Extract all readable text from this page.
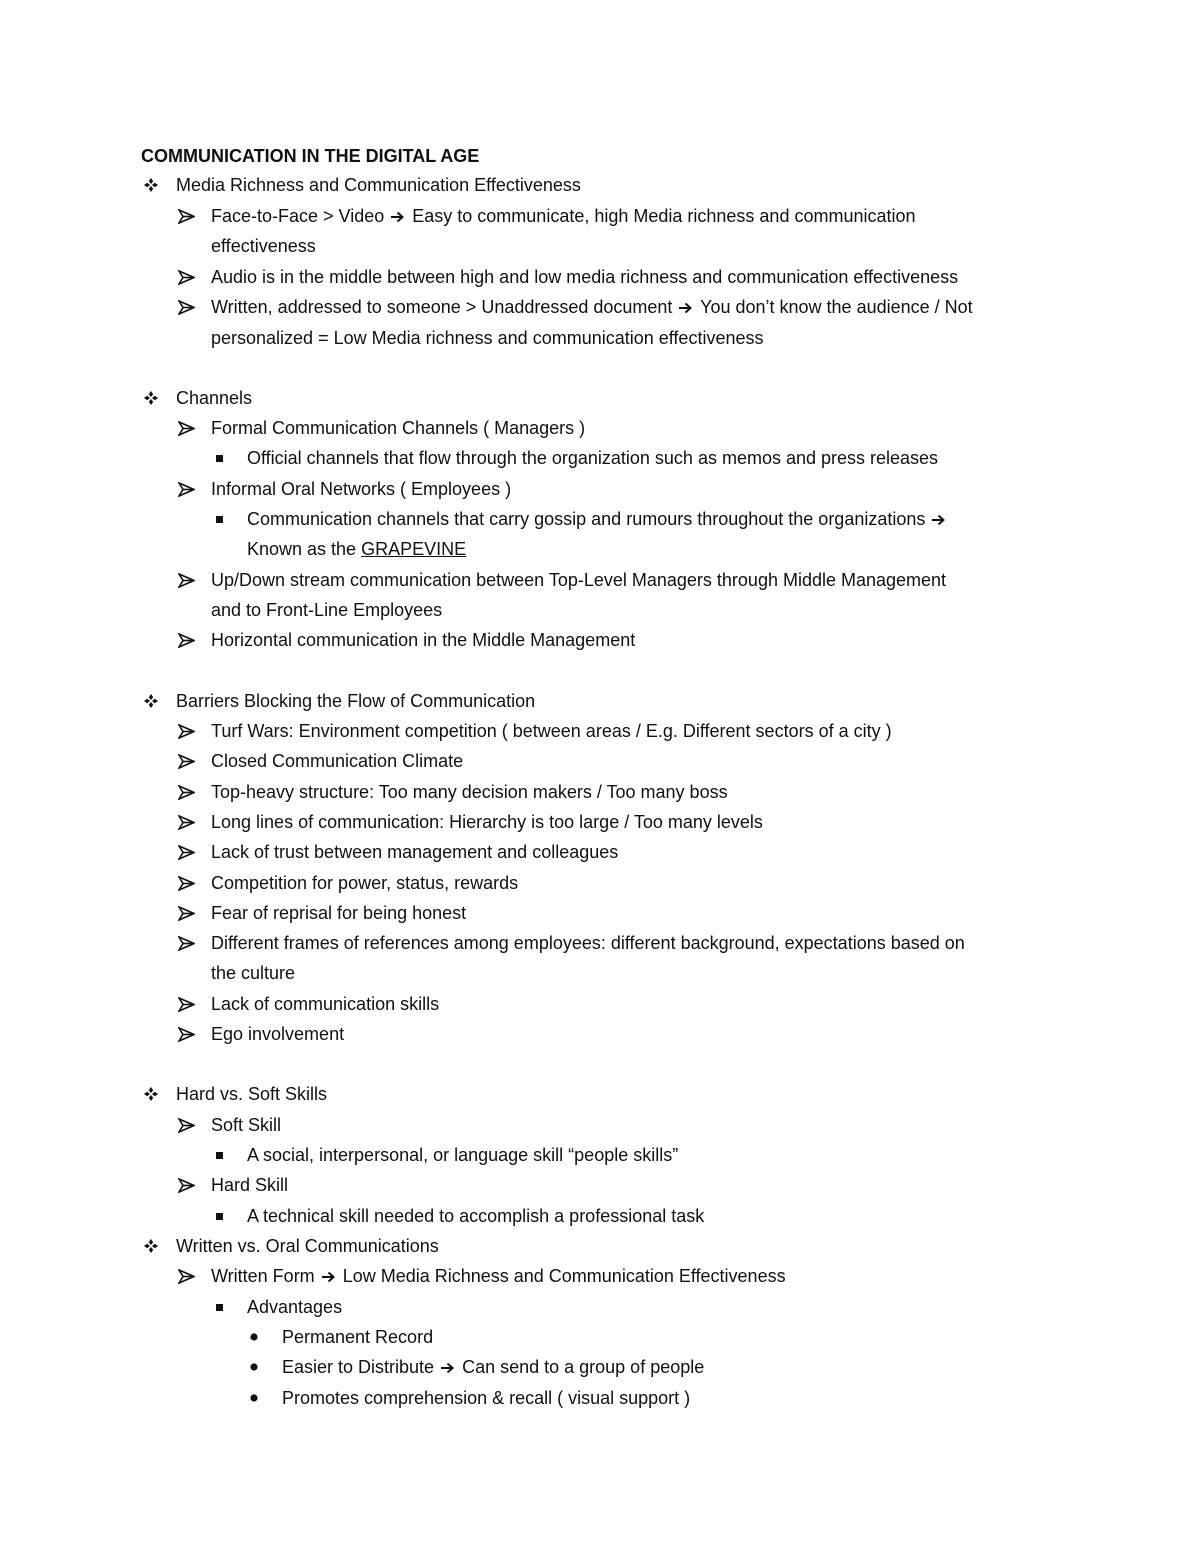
COMMUNICATION IN THE DIGITAL AGE
Media Richness and Communication Effectiveness
Face-to-Face > Video  Easy to communicate, high Media richness and communication
effectiveness
Audio is in the middle between high and low media richness and communication effectiveness
Written, addressed to someone > Unaddressed document  You don’t know the audience / Not
personalized = Low Media richness and communication effectiveness
Channels
Formal Communication Channels ( Managers )
Official channels that flow through the organization such as memos and press releases
Informal Oral Networks ( Employees )
Communication channels that carry gossip and rumours throughout the organizations
Known as the GRAPEVINE
Up/Down stream communication between Top-Level Managers through Middle Management
and to Front-Line Employees
Horizontal communication in the Middle Management
Barriers Blocking the Flow of Communication
Turf Wars: Environment competition ( between areas / E.g. Different sectors of a city )
Closed Communication Climate
Top-heavy structure: Too many decision makers / Too many boss
Long lines of communication: Hierarchy is too large / Too many levels
Lack of trust between management and colleagues
Competition for power, status, rewards
Fear of reprisal for being honest
Different frames of references among employees: different background, expectations based on
the culture
Lack of communication skills
Ego involvement
Hard vs. Soft Skills
Soft Skill
A social, interpersonal, or language skill “people skills”
Hard Skill
A technical skill needed to accomplish a professional task
Written vs. Oral Communications
Written Form  Low Media Richness and Communication Effectiveness
Advantages
Permanent Record
Easier to Distribute  Can send to a group of people
Promotes comprehension & recall ( visual support )
